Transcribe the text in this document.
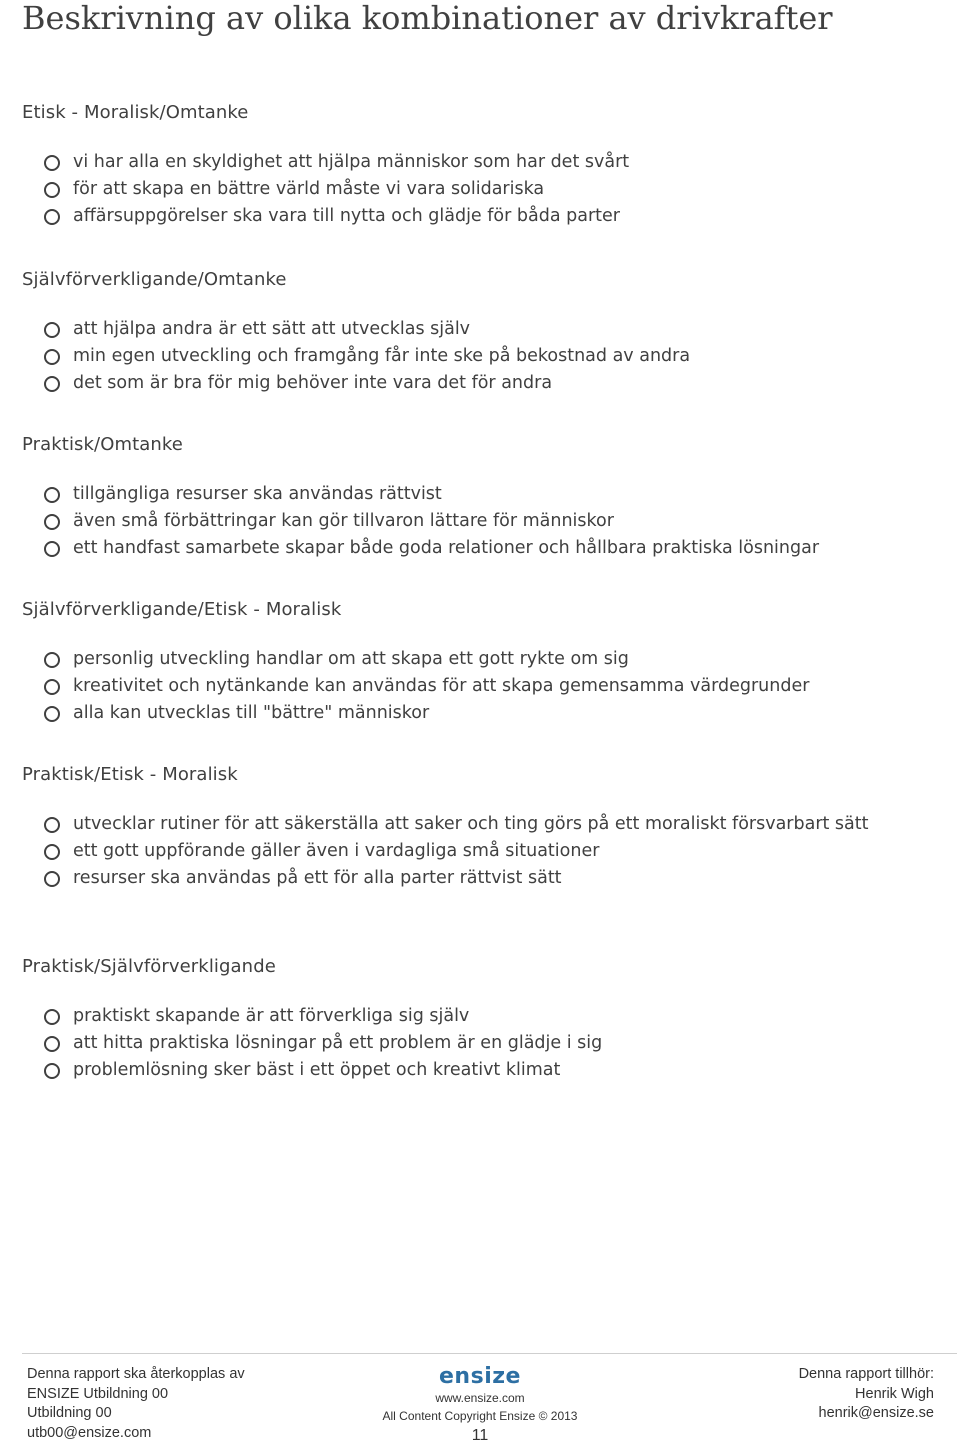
Beskrivning av olika kombinationer av drivkrafter
Etisk - Moralisk/Omtanke
vi har alla en skyldighet att hjälpa människor som har det svårt
för att skapa en bättre värld måste vi vara solidariska
affärsuppgörelser ska vara till nytta och glädje för båda parter
Självförverkligande/Omtanke
att hjälpa andra är ett sätt att utvecklas själv
min egen utveckling och framgång får inte ske på bekostnad av andra
det som är bra för mig behöver inte vara det för andra
Praktisk/Omtanke
tillgängliga resurser ska användas rättvist
även små förbättringar kan gör tillvaron lättare för människor
ett handfast samarbete skapar både goda relationer och hållbara praktiska lösningar
Självförverkligande/Etisk - Moralisk
personlig utveckling handlar om att skapa ett gott rykte om sig
kreativitet och nytänkande kan användas för att skapa gemensamma värdegrunder
alla kan utvecklas till "bättre" människor
Praktisk/Etisk - Moralisk
utvecklar rutiner för att säkerställa att saker och ting görs på ett moraliskt försvarbart sätt
ett gott uppförande gäller även i vardagliga små situationer
resurser ska användas på ett för alla parter rättvist sätt
Praktisk/Självförverkligande
praktiskt skapande är att förverkliga sig själv
att hitta praktiska lösningar på ett problem är en glädje i sig
problemlösning sker bäst i ett öppet och kreativt klimat
Denna rapport ska återkopplas av
ENSIZE Utbildning 00
Utbildning 00
utb00@ensize.com
ensize
www.ensize.com
All Content Copyright Ensize © 2013
11
Denna rapport tillhör:
Henrik Wigh
henrik@ensize.se
